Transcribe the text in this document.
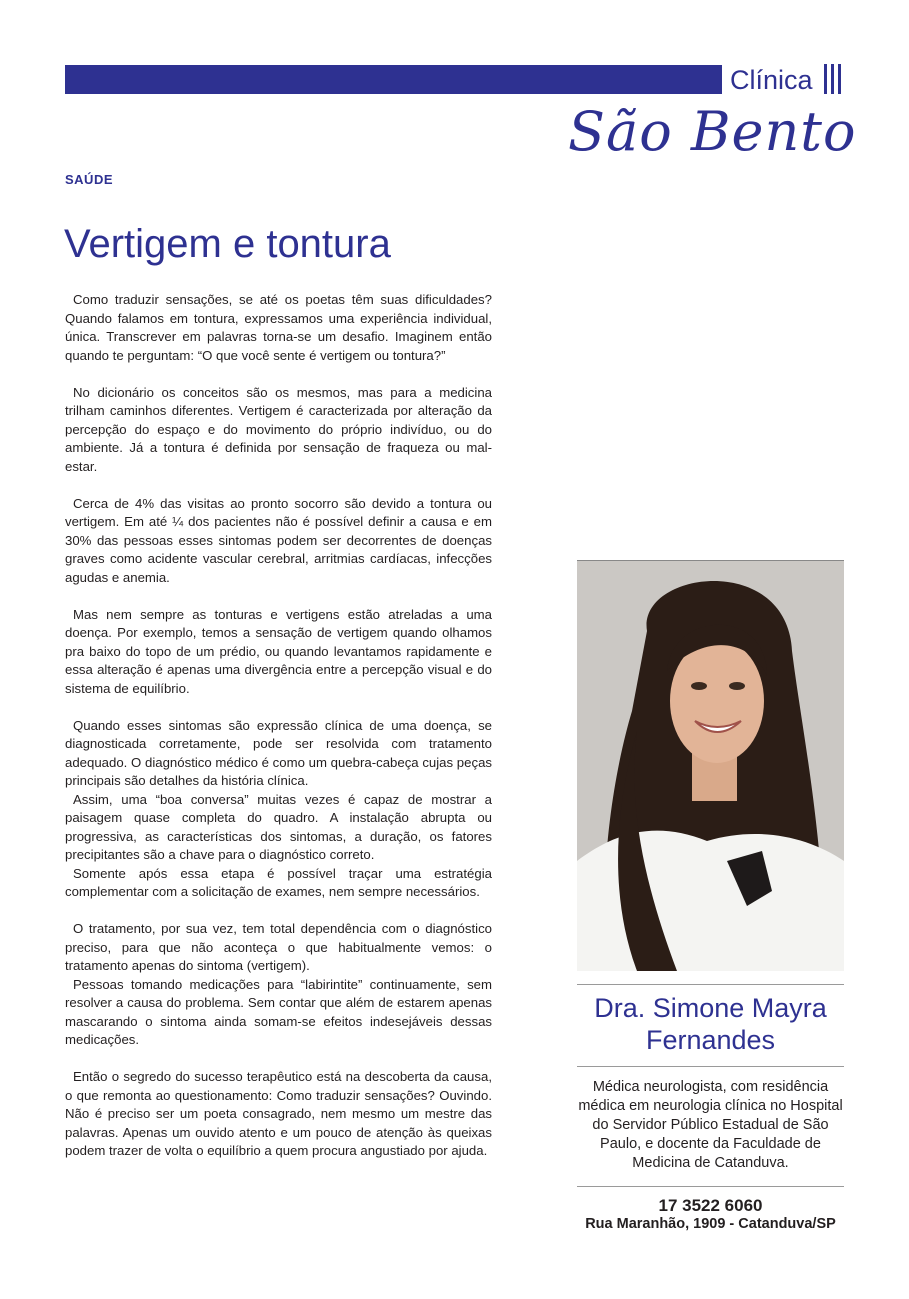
Clínica
São Bento
SAÚDE
Vertigem e tontura

Como traduzir sensações, se até os poetas têm suas dificuldades? Quando falamos em tontura, expressamos uma experiência individual, única. Transcrever em palavras torna-se um desafio. Imaginem então quando te perguntam: “O que você sente é vertigem ou tontura?”

No dicionário os conceitos são os mesmos, mas para a medicina trilham caminhos diferentes. Vertigem é caracterizada por alteração da percepção do espaço e do movimento do próprio indivíduo, ou do ambiente. Já a tontura é definida por sensação de fraqueza ou mal-estar.

Cerca de 4% das visitas ao pronto socorro são devido a tontura ou vertigem. Em até ¼ dos pacientes não é possível definir a causa e em 30% das pessoas esses sintomas podem ser decorrentes de doenças graves como acidente vascular cerebral, arritmias cardíacas, infecções agudas e anemia.

Mas nem sempre as tonturas e vertigens estão atreladas a uma doença. Por exemplo, temos a sensação de vertigem quando olhamos pra baixo do topo de um prédio, ou quando levantamos rapidamente e essa alteração é apenas uma divergência entre a percepção visual e do sistema de equilíbrio.

Quando esses sintomas são expressão clínica de uma doença, se diagnosticada corretamente, pode ser resolvida com tratamento adequado. O diagnóstico médico é como um quebra-cabeça cujas peças principais são detalhes da história clínica.

Assim, uma “boa conversa” muitas vezes é capaz de mostrar a paisagem quase completa do quadro. A instalação abrupta ou progressiva, as características dos sintomas, a duração, os fatores precipitantes são a chave para o diagnóstico correto.

Somente após essa etapa é possível traçar uma estratégia complementar com a solicitação de exames, nem sempre necessários.

O tratamento, por sua vez, tem total dependência com o diagnóstico preciso, para que não aconteça o que habitualmente vemos: o tratamento apenas do sintoma (vertigem).

Pessoas tomando medicações para “labirintite” continuamente, sem resolver a causa do problema. Sem contar que além de estarem apenas mascarando o sintoma ainda somam-se efeitos indesejáveis dessas medicações.

Então o segredo do sucesso terapêutico está na descoberta da causa, o que remonta ao questionamento: Como traduzir sensações? Ouvindo. Não é preciso ser um poeta consagrado, nem mesmo um mestre das palavras. Apenas um ouvido atento e um pouco de atenção às queixas podem trazer de volta o equilíbrio a quem procura angustiado por ajuda.

Dra. Simone Mayra
Fernandes
Médica neurologista, com residência médica em neurologia clínica no Hospital do Servidor Público Estadual de São Paulo, e docente da Faculdade de Medicina de Catanduva.
17 3522 6060
Rua Maranhão, 1909 - Catanduva/SP
